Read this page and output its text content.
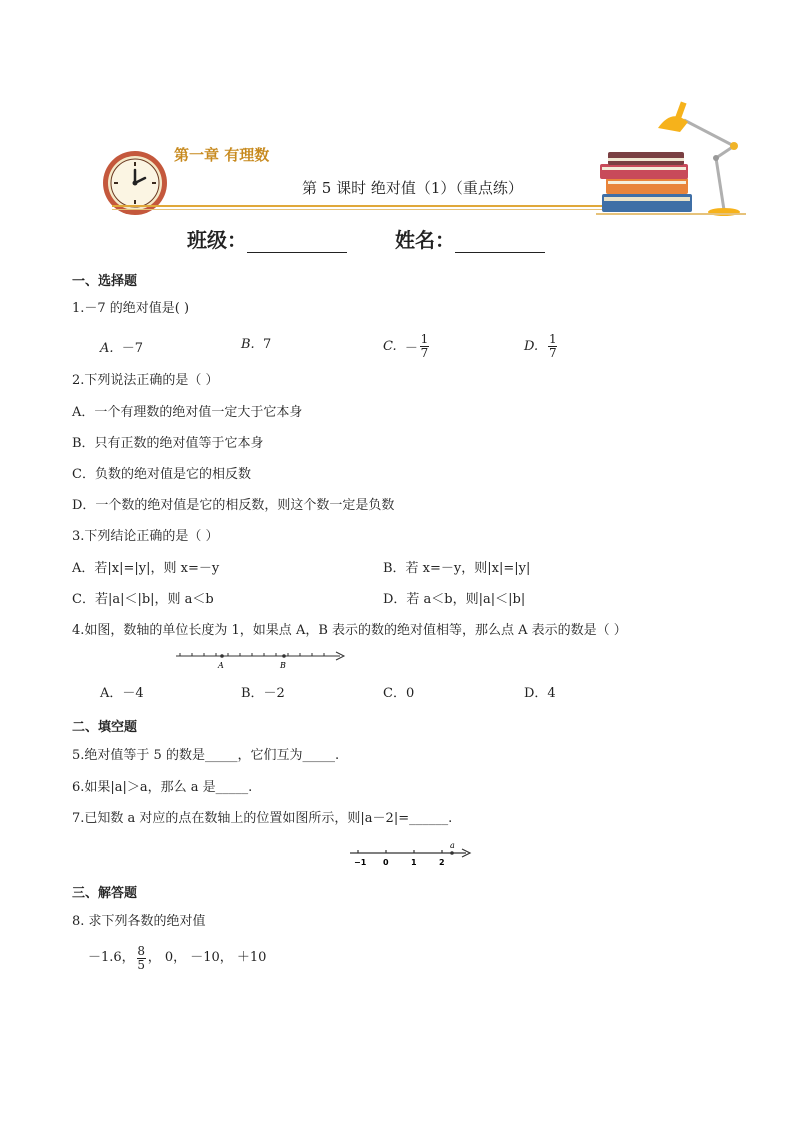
第一章 有理数
第 5 课时 绝对值（1）（重点练）
班级：	姓名：
一、选择题
1.－7 的绝对值是( )
A. －7	B. 7	C.
－ $\frac{1}{7}$	D.
$\frac{1}{7}$
2.下列说法正确的是（ ）
A．一个有理数的绝对值一定大于它本身
B．只有正数的绝对值等于它本身
C．负数的绝对值是它的相反数
D．一个数的绝对值是它的相反数，则这个数一定是负数
3.下列结论正确的是（ ）
A．若|x|=|y|，则 x=－y	B．若 x=－y，则|x|=|y|
C．若|a|＜|b|，则 a＜b	D．若 a＜b，则|a|＜|b|
4.如图，数轴的单位长度为 1，如果点 A，B 表示的数的绝对值相等，那么点 A 表示的数是（ ）
A	B
A．－4	B．－2	C．0	D．4
二、填空题
5.绝对值等于 5 的数是_____，它们互为_____.
6.如果|a|＞a，那么 a 是_____.
7.已知数 a 对应的点在数轴上的位置如图所示，则|a－2|=______.
a
−1 0	1	2
三、解答题
8. 求下列各数的绝对值
－1.6， $\frac{8}{5}$ ， 0， －10， ＋10
